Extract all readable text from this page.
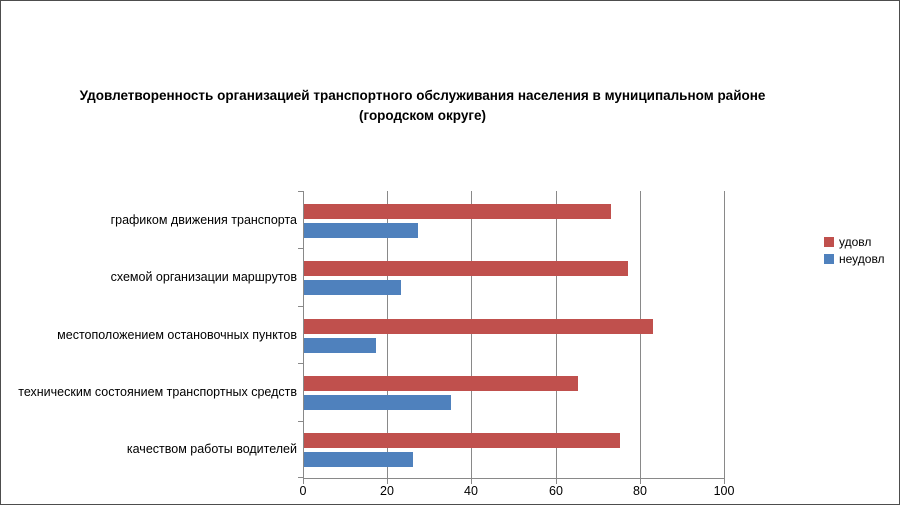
Удовлетворенность организацией транспортного обслуживания населения в муниципальном районе
(городском округе)
графиком движения транспорта
схемой организации маршрутов
местоположением остановочных пунктов
техническим состоянием транспортных средств
качеством работы водителей
0	20	40	60	80	100
удовл
неудовл
